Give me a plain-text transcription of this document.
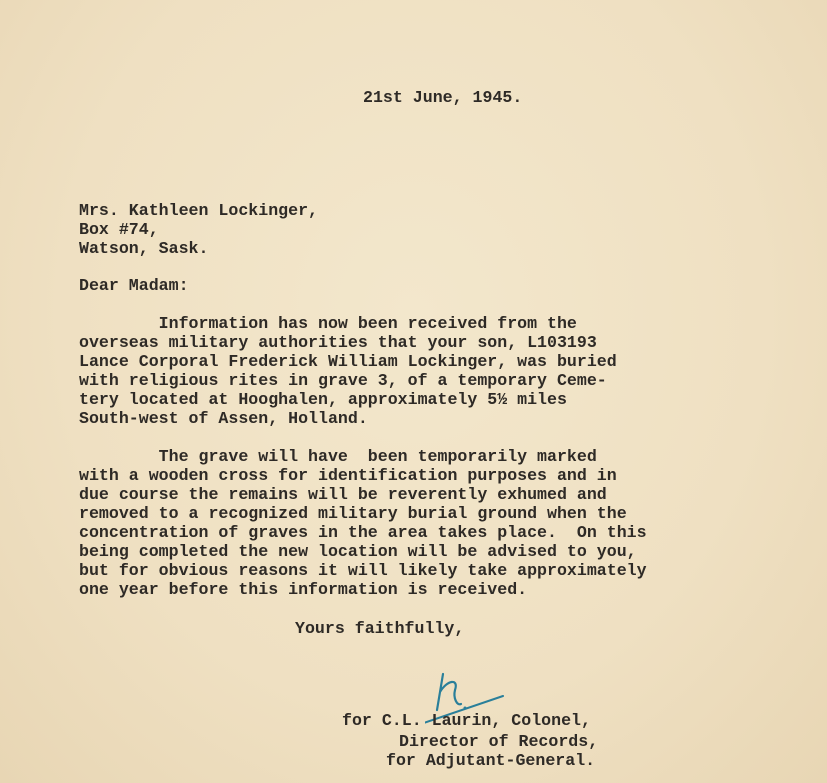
21st June, 1945.
Mrs. Kathleen Lockinger,
Box #74,
Watson, Sask.
Dear Madam:
Information has now been received from the
overseas military authorities that your son, L103193
Lance Corporal Frederick William Lockinger, was buried
with religious rites in grave 3, of a temporary Ceme-
tery located at Hooghalen, approximately 5½ miles
South-west of Assen, Holland.
The grave will have  been temporarily marked
with a wooden cross for identification purposes and in
due course the remains will be reverently exhumed and
removed to a recognized military burial ground when the
concentration of graves in the area takes place.  On this
being completed the new location will be advised to you,
but for obvious reasons it will likely take approximately
one year before this information is received.
Yours faithfully,
for C.L. Laurin, Colonel,
Director of Records,
for Adjutant-General.
